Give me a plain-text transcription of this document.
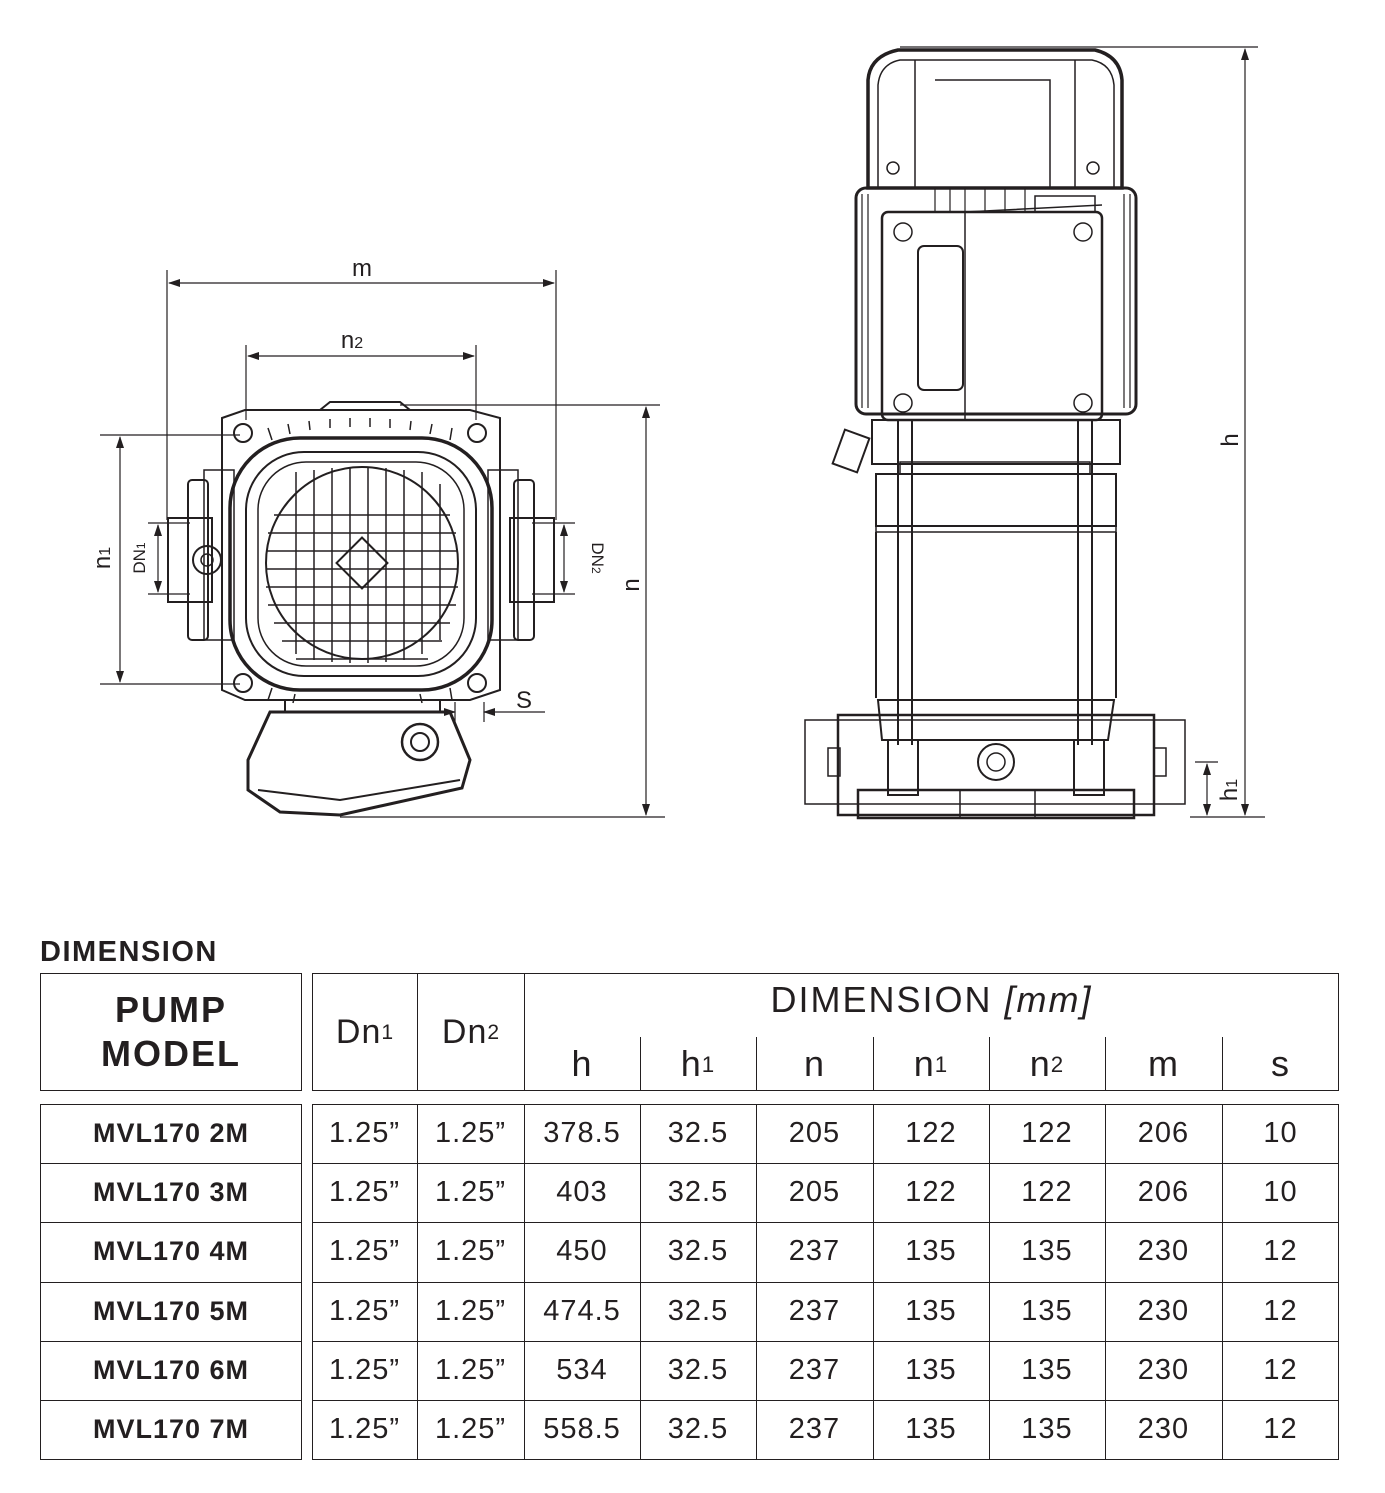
m
n2
n1 DN1	DN2
n
S
h
h1
DIMENSION
PUMP
MODEL
$Dn_1$ $Dn_2$
DIMENSION
[mm]
h $h_1$ n $n_1$ $n_2$ m	s
MVL170 2M	1.25”	1.25”	378.5	32.5	205	122	122	206	10
MVL170 3M	1.25”	1.25”	403	32.5	205	122	122	206	10
MVL170 4M	1.25”	1.25”	450	32.5	237	135	135	230	12
MVL170 5M	1.25”	1.25”	474.5	32.5	237	135	135	230	12
MVL170 6M	1.25”	1.25”	534	32.5	237	135	135	230	12
MVL170 7M	1.25”	1.25”	558.5	32.5	237	135	135	230	12
